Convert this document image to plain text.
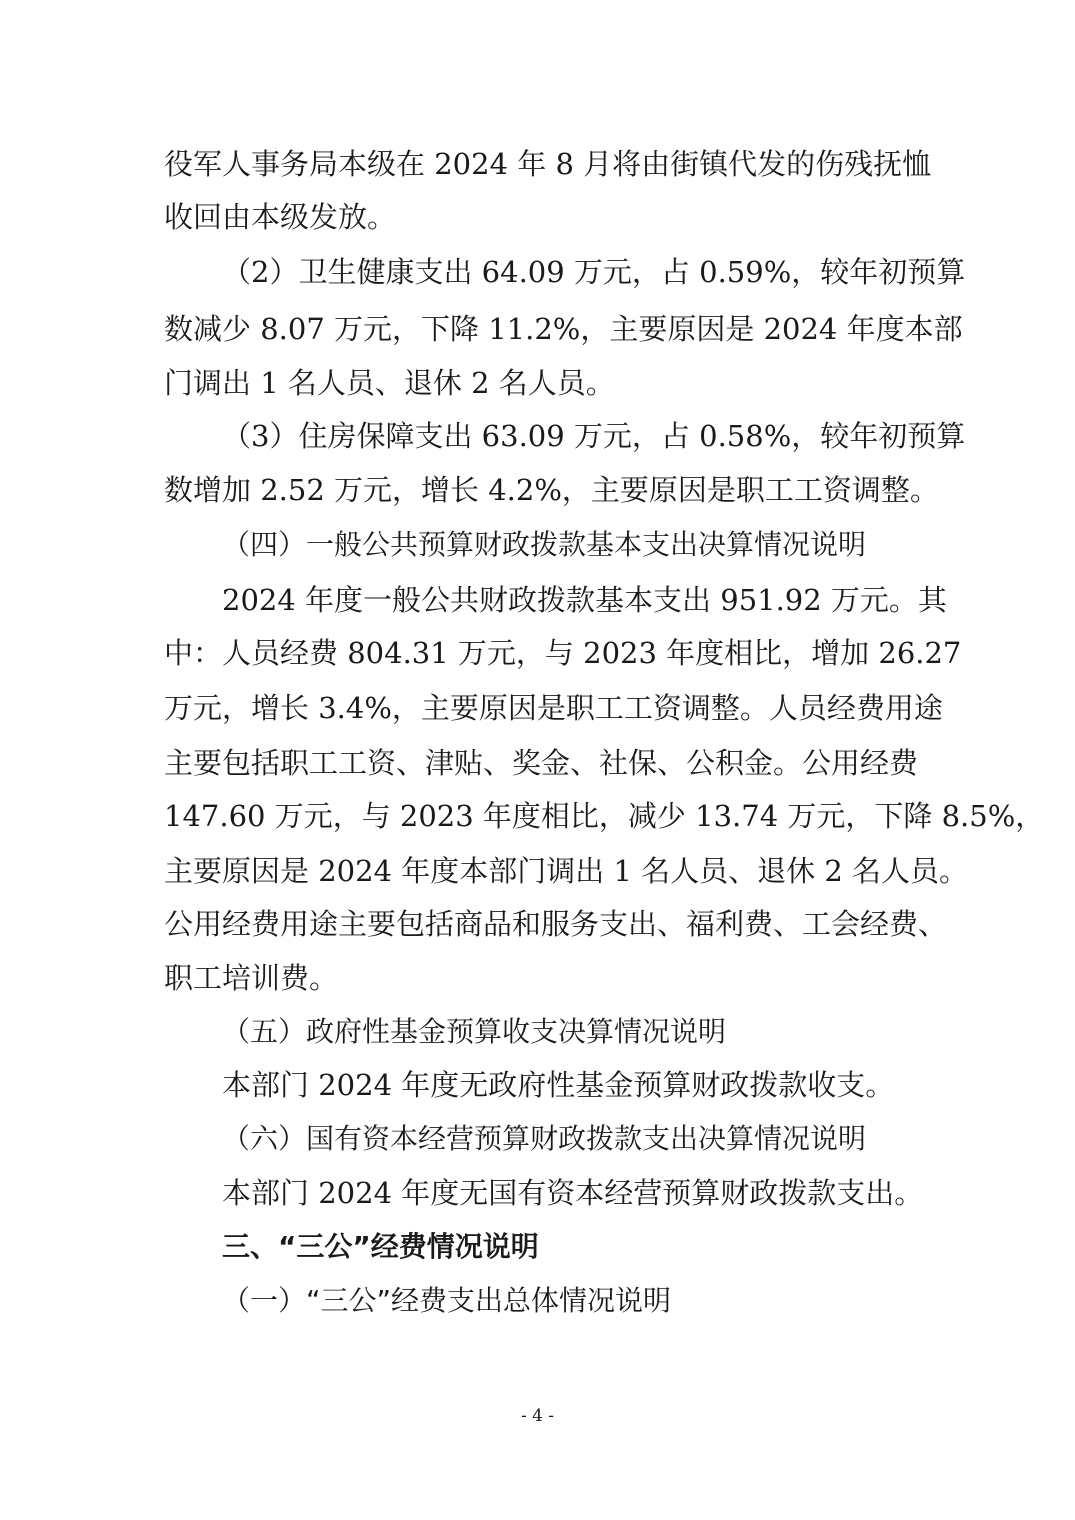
役军人事务局本级在 2024 年 8 月将由街镇代发的伤残抚恤
收回由本级发放。
（2）卫生健康支出 64.09 万元，占 0.59%，较年初预算
数减少 8.07 万元，下降 11.2%，主要原因是 2024 年度本部
门调出 1 名人员、退休 2 名人员。
（3）住房保障支出 63.09 万元，占 0.58%，较年初预算
数增加 2.52 万元，增长 4.2%，主要原因是职工工资调整。
（四）一般公共预算财政拨款基本支出决算情况说明
2024 年度一般公共财政拨款基本支出 951.92 万元。其
中：人员经费 804.31 万元，与 2023 年度相比，增加 26.27
万元，增长 3.4%，主要原因是职工工资调整。人员经费用途
主要包括职工工资、津贴、奖金、社保、公积金。公用经费
147.60 万元，与 2023 年度相比，减少 13.74 万元，下降 8.5%，
主要原因是 2024 年度本部门调出 1 名人员、退休 2 名人员。
公用经费用途主要包括商品和服务支出、福利费、工会经费、
职工培训费。
（五）政府性基金预算收支决算情况说明
本部门 2024 年度无政府性基金预算财政拨款收支。
（六）国有资本经营预算财政拨款支出决算情况说明
本部门 2024 年度无国有资本经营预算财政拨款支出。
三、“三公”经费情况说明
（一）“三公”经费支出总体情况说明
- 4 -
